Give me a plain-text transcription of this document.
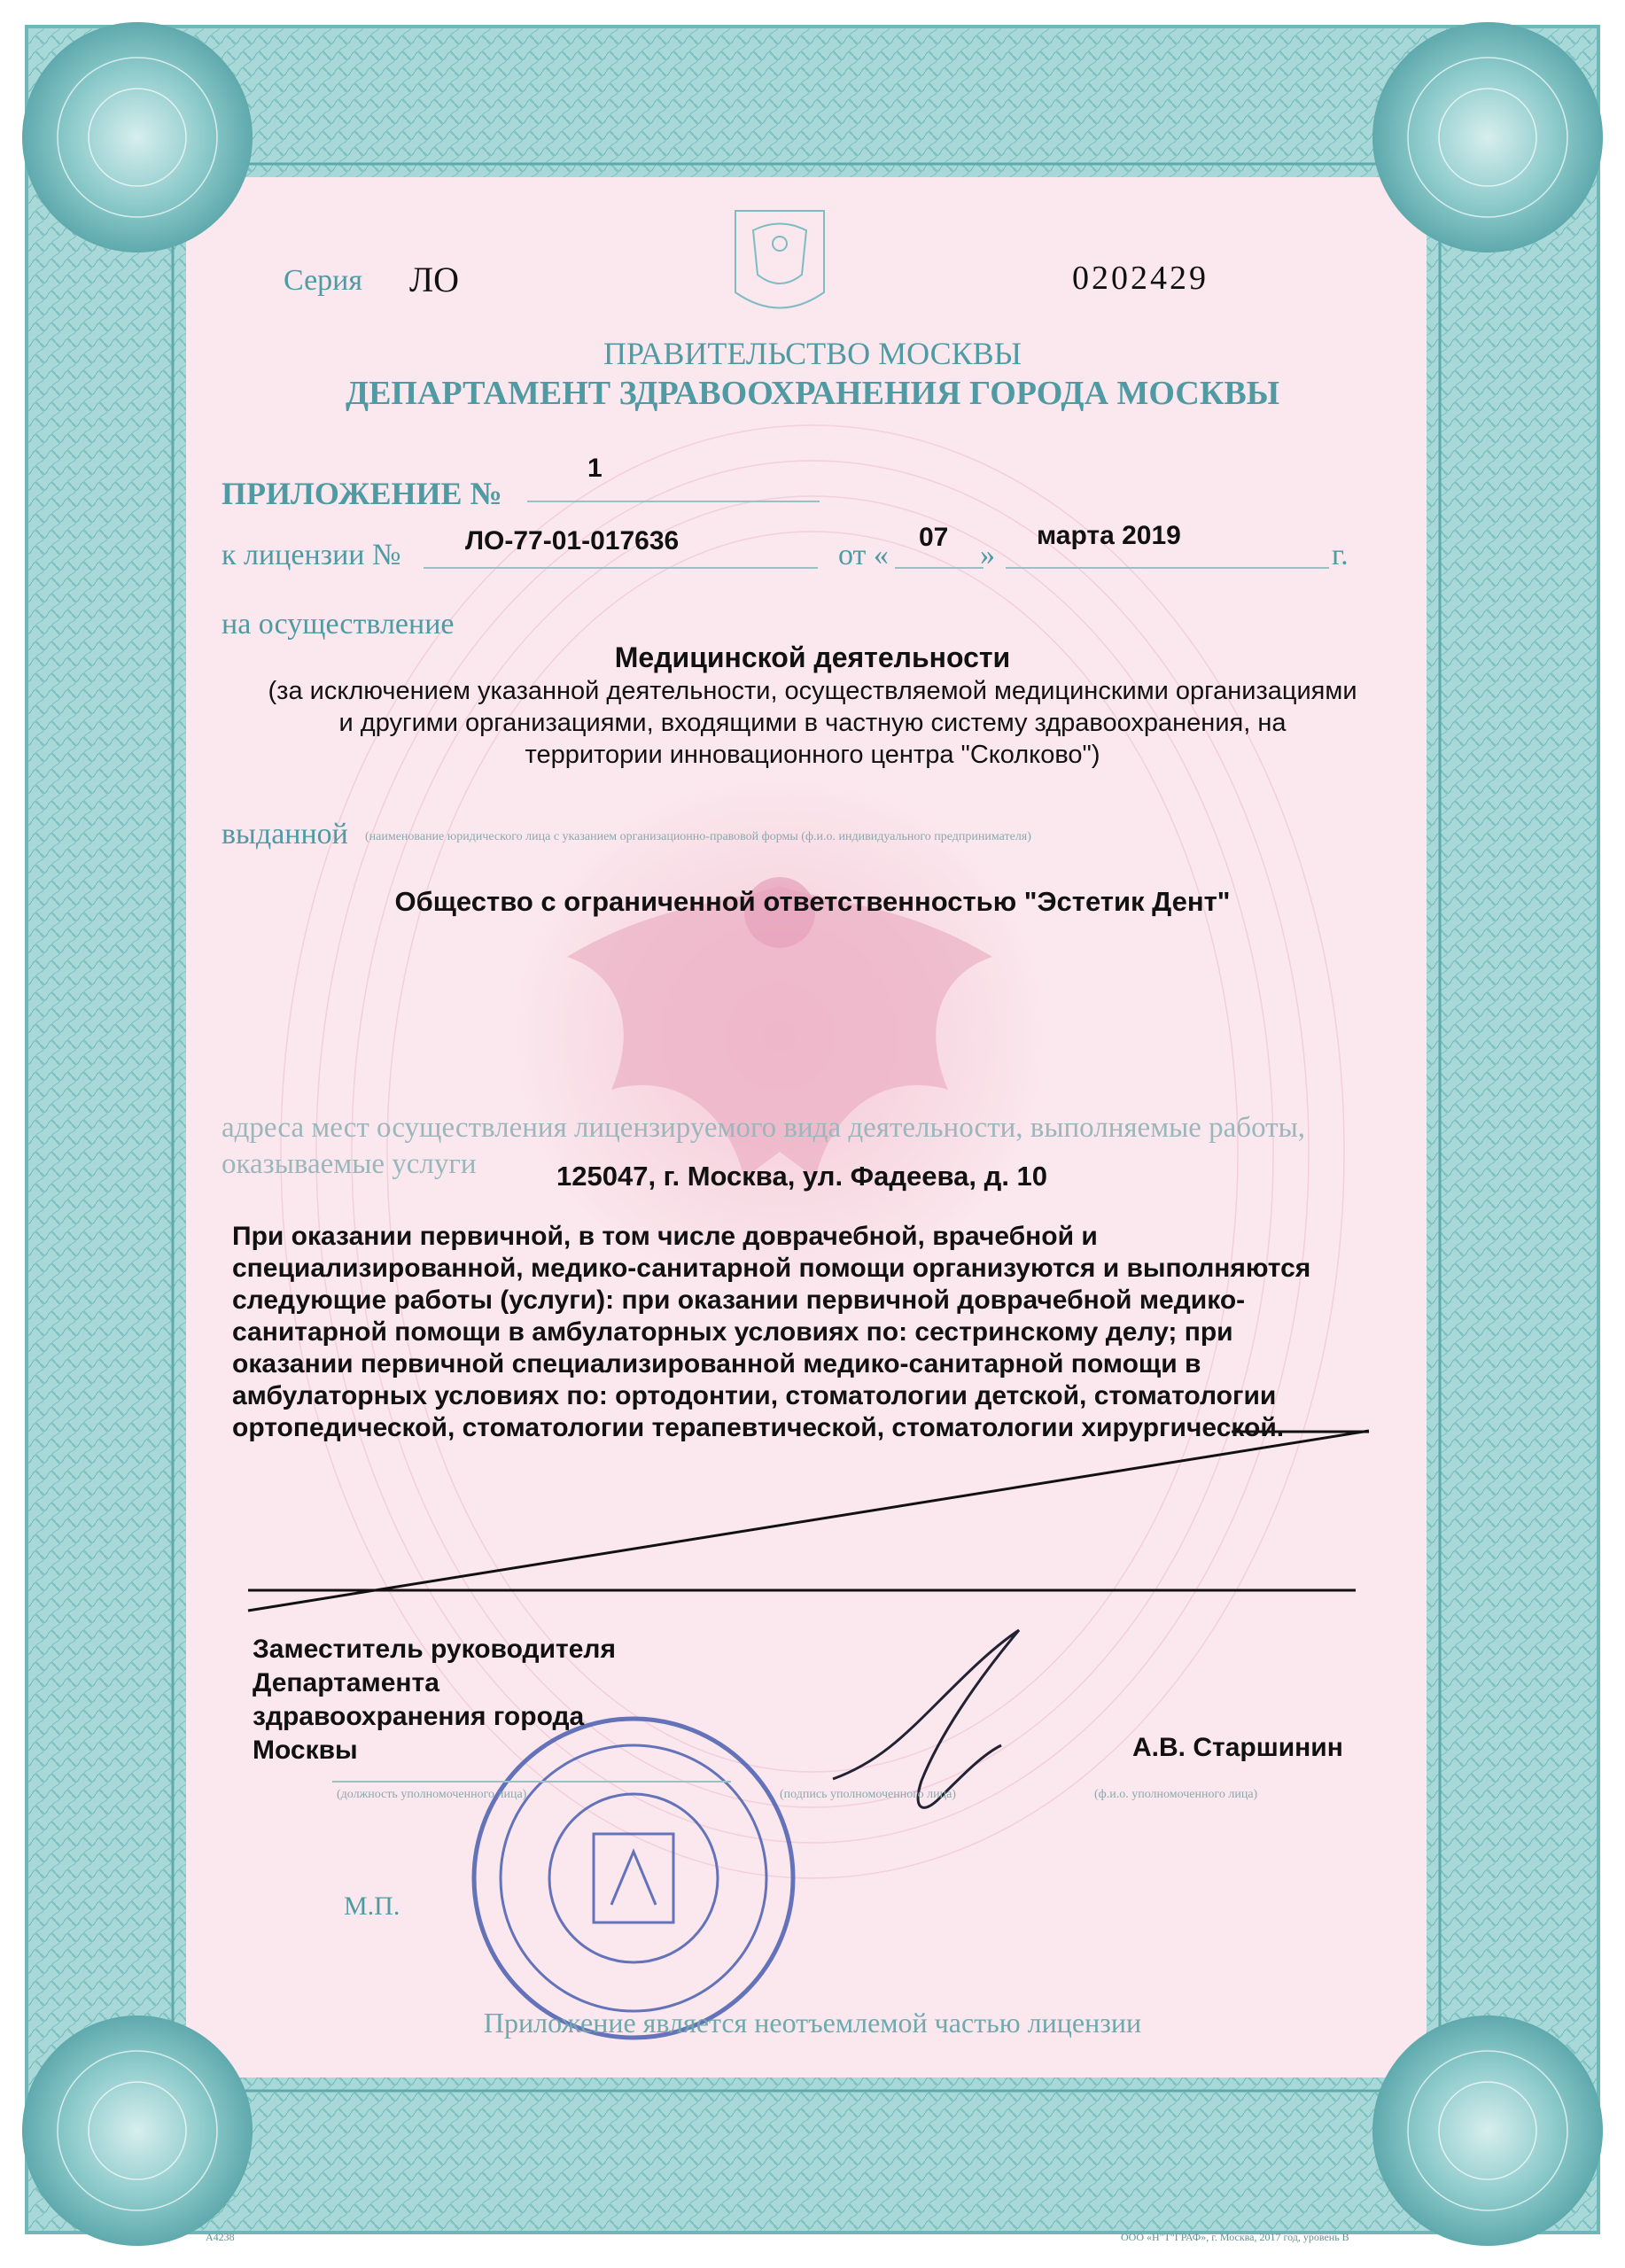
Серия ЛО	0202429
ПРАВИТЕЛЬСТВО МОСКВЫ
ДЕПАРТАМЕНТ ЗДРАВООХРАНЕНИЯ ГОРОДА МОСКВЫ
ПРИЛОЖЕНИЕ №
1
к лицензии № ЛО-77-01-017636	от «
07
»
марта 2019
г.
на осуществление
Медицинской деятельности
(за исключением указанной деятельности, осуществляемой медицинскими организациями
и другими организациями, входящими в частную систему здравоохранения, на
территории инновационного центра "Сколково")
выданной (наименование юридического лица с указанием организационно-правовой формы (ф.и.о. индивидуального предпринимателя)
Общество с ограниченной ответственностью "Эстетик Дент"
адреса мест осуществления лицензируемого вида деятельности, выполняемые работы,
оказываемые услуги	125047, г. Москва, ул. Фадеева, д. 10
При оказании первичной, в том числе доврачебной, врачебной и
специализированной, медико-санитарной помощи организуются и выполняются
следующие работы (услуги): при оказании первичной доврачебной медико-
санитарной помощи в амбулаторных условиях по: сестринскому делу; при
оказании первичной специализированной медико-санитарной помощи в
амбулаторных условиях по: ортодонтии, стоматологии детской, стоматологии
ортопедической, стоматологии терапевтической, стоматологии хирургической.
Заместитель руководителя
Департамента
здравоохранения города
Москвы	А.В. Старшинин
(должность уполномоченного лица)	(подпись уполномоченного лица)	(ф.и.о. уполномоченного лица)
М.П.
Приложение является неотъемлемой частью лицензии
А4238	ООО «Н"Т"ГРАФ», г. Москва, 2017 год, уровень В
